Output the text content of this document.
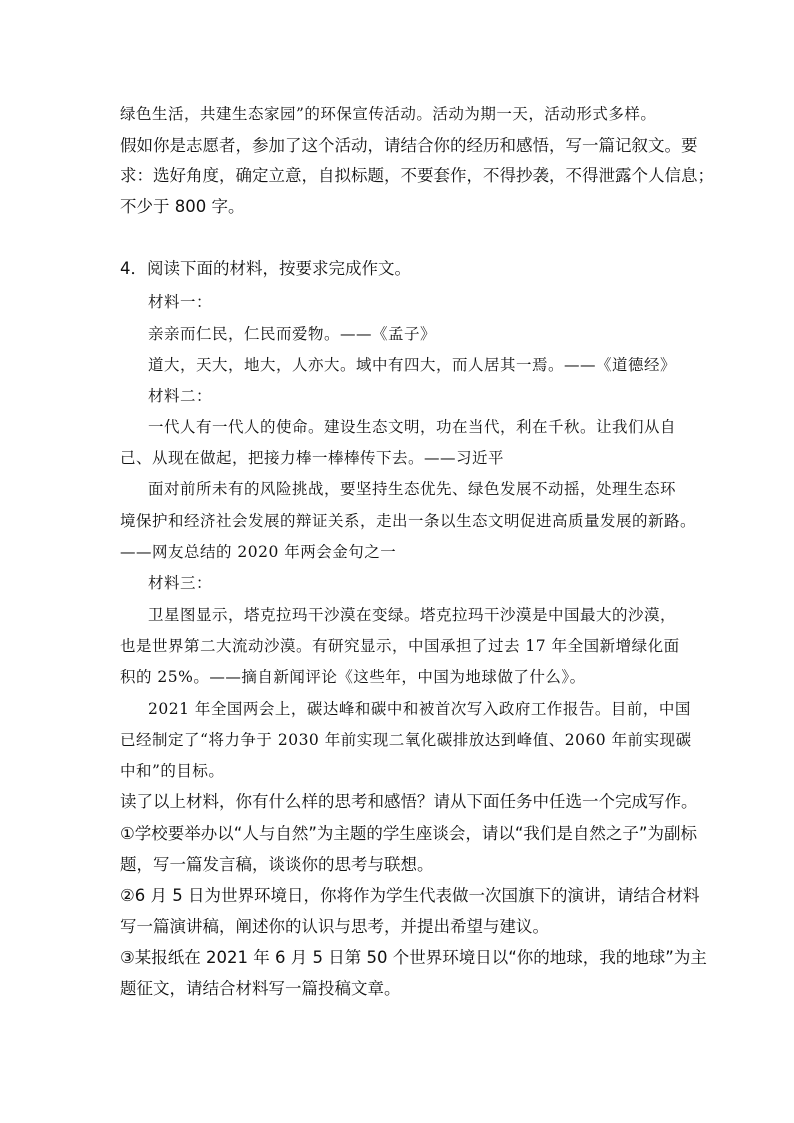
绿色生活，共建生态家园”的环保宣传活动。活动为期一天，活动形式多样。
假如你是志愿者，参加了这个活动，请结合你的经历和感悟，写一篇记叙文。要
求：选好角度，确定立意，自拟标题，不要套作，不得抄袭，不得泄露个人信息；
不少于 800 字。
4．阅读下面的材料，按要求完成作文。
材料一：
亲亲而仁民，仁民而爱物。——《孟子》
道大，天大，地大，人亦大。域中有四大，而人居其一焉。——《道德经》
材料二：
一代人有一代人的使命。建设生态文明，功在当代，利在千秋。让我们从自
己、从现在做起，把接力棒一棒棒传下去。——习近平
面对前所未有的风险挑战，要坚持生态优先、绿色发展不动摇，处理生态环
境保护和经济社会发展的辩证关系，走出一条以生态文明促进高质量发展的新路。
——网友总结的 2020 年两会金句之一
材料三：
卫星图显示，塔克拉玛干沙漠在变绿。塔克拉玛干沙漠是中国最大的沙漠，
也是世界第二大流动沙漠。有研究显示，中国承担了过去 17 年全国新增绿化面
积的 25%。——摘自新闻评论《这些年，中国为地球做了什么》。
2021 年全国两会上，碳达峰和碳中和被首次写入政府工作报告。目前，中国
已经制定了“将力争于 2030 年前实现二氧化碳排放达到峰值、2060 年前实现碳
中和”的目标。
读了以上材料，你有什么样的思考和感悟？请从下面任务中任选一个完成写作。
①学校要举办以“人与自然”为主题的学生座谈会，请以“我们是自然之子”为副标
题，写一篇发言稿，谈谈你的思考与联想。
②6 月 5 日为世界环境日，你将作为学生代表做一次国旗下的演讲，请结合材料
写一篇演讲稿，阐述你的认识与思考，并提出希望与建议。
③某报纸在 2021 年 6 月 5 日第 50 个世界环境日以“你的地球，我的地球”为主
题征文，请结合材料写一篇投稿文章。
